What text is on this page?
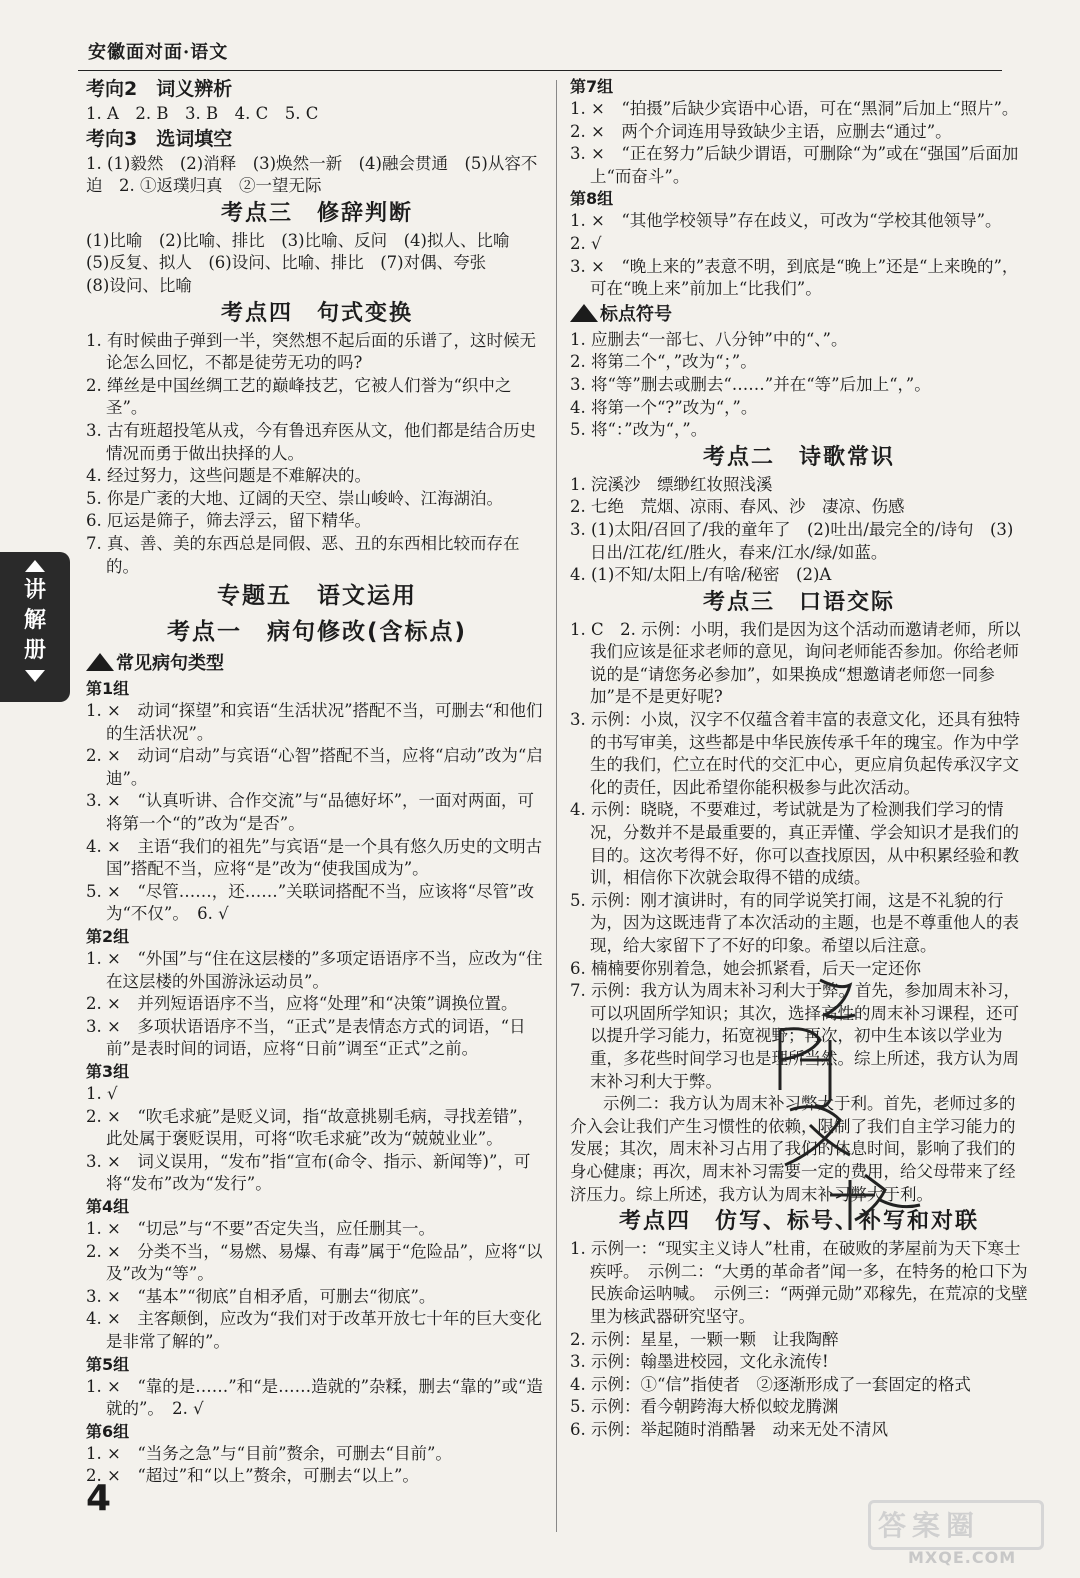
安徽面对面·语文
考向2　词义辨析
1. A　2. B　3. B　4. C　5. C
考向3　选词填空
1. (1)毅然　(2)消释　(3)焕然一新　(4)融会贯通　(5)从容不迫　2. ①返璞归真　②一望无际
考点三　修辞判断
(1)比喻　(2)比喻、排比　(3)比喻、反问　(4)拟人、比喻
(5)反复、拟人　(6)设问、比喻、排比　(7)对偶、夸张
(8)设问、比喻
考点四　句式变换
1. 有时候曲子弹到一半，突然想不起后面的乐谱了，这时候无论怎么回忆，不都是徒劳无功的吗?
2. 缂丝是中国丝绸工艺的巅峰技艺，它被人们誉为“织中之圣”。
3. 古有班超投笔从戎，今有鲁迅弃医从文，他们都是结合历史情况而勇于做出抉择的人。
4. 经过努力，这些问题是不难解决的。
5. 你是广袤的大地、辽阔的天空、崇山峻岭、江海湖泊。
6. 厄运是筛子，筛去浮云，留下精华。
7. 真、善、美的东西总是同假、恶、丑的东西相比较而存在的。
专题五　语文运用
考点一　病句修改(含标点)
常见病句类型
第1组
1. ×　动词“探望”和宾语“生活状况”搭配不当，可删去“和他们的生活状况”。
2. ×　动词“启动”与宾语“心智”搭配不当，应将“启动”改为“启迪”。
3. ×　“认真听讲、合作交流”与“品德好坏”，一面对两面，可将第一个“的”改为“是否”。
4. ×　主语“我们的祖先”与宾语“是一个具有悠久历史的文明古国”搭配不当，应将“是”改为“使我国成为”。
5. ×　“尽管……，还……”关联词搭配不当，应该将“尽管”改为“不仅”。　6. √
第2组
1. ×　“外国”与“住在这层楼的”多项定语语序不当，应改为“住在这层楼的外国游泳运动员”。
2. ×　并列短语语序不当，应将“处理”和“决策”调换位置。
3. ×　多项状语语序不当，“正式”是表情态方式的词语，“日前”是表时间的词语，应将“日前”调至“正式”之前。
第3组
1. √
2. ×　“吹毛求疵”是贬义词，指“故意挑剔毛病，寻找差错”，此处属于褒贬误用，可将“吹毛求疵”改为“兢兢业业”。
3. ×　词义误用，“发布”指“宣布(命令、指示、新闻等)”，可将“发布”改为“发行”。
第4组
1. ×　“切忌”与“不要”否定失当，应任删其一。
2. ×　分类不当，“易燃、易爆、有毒”属于“危险品”，应将“以及”改为“等”。
3. ×　“基本”“彻底”自相矛盾，可删去“彻底”。
4. ×　主客颠倒，应改为“我们对于改革开放七十年的巨大变化是非常了解的”。
第5组
1. ×　“靠的是……”和“是……造就的”杂糅，删去“靠的”或“造就的”。　2. √
第6组
1. ×　“当务之急”与“目前”赘余，可删去“目前”。
2. ×　“超过”和“以上”赘余，可删去“以上”。
第7组
1. ×　“拍摄”后缺少宾语中心语，可在“黑洞”后加上“照片”。
2. ×　两个介词连用导致缺少主语，应删去“通过”。
3. ×　“正在努力”后缺少谓语，可删除“为”或在“强国”后面加上“而奋斗”。
第8组
1. ×　“其他学校领导”存在歧义，可改为“学校其他领导”。
2. √
3. ×　“晚上来的”表意不明，到底是“晚上”还是“上来晚的”，可在“晚上来”前加上“比我们”。
标点符号
1. 应删去“一部七、八分钟”中的“、”。
2. 将第二个“，”改为“；”。
3. 将“等”删去或删去“……”并在“等”后加上“，”。
4. 将第一个“?”改为“，”。
5. 将“：”改为“，”。
考点二　诗歌常识
1. 浣溪沙　缥缈红妆照浅溪
2. 七绝　荒烟、凉雨、春风、沙　凄凉、伤感
3. (1)太阳/召回了/我的童年了　(2)吐出/最完全的/诗句　(3)日出/江花/红/胜火，春来/江水/绿/如蓝。
4. (1)不知/太阳上/有啥/秘密　(2)A
考点三　口语交际
1. C　2. 示例：小明，我们是因为这个活动而邀请老师，所以我们应该是征求老师的意见，询问老师能否参加。你给老师说的是“请您务必参加”，如果换成“想邀请老师您一同参加”是不是更好呢?
3. 示例：小岚，汉字不仅蕴含着丰富的表意文化，还具有独特的书写审美，这些都是中华民族传承千年的瑰宝。作为中学生的我们，伫立在时代的交汇中心，更应肩负起传承汉字文化的责任，因此希望你能积极参与此次活动。
4. 示例：晓晓，不要难过，考试就是为了检测我们学习的情况，分数并不是最重要的，真正弄懂、学会知识才是我们的目的。这次考得不好，你可以查找原因，从中积累经验和教训，相信你下次就会取得不错的成绩。
5. 示例：刚才演讲时，有的同学说笑打闹，这是不礼貌的行为，因为这既违背了本次活动的主题，也是不尊重他人的表现，给大家留下了不好的印象。希望以后注意。
6. 楠楠要你别着急，她会抓紧看，后天一定还你
7. 示例：我方认为周末补习利大于弊。首先，参加周末补习，可以巩固所学知识；其次，选择高性的周末补习课程，还可以提升学习能力，拓宽视野；再次，初中生本该以学业为重，多花些时间学习也是理所当然。综上所述，我方认为周末补习利大于弊。
　　示例二：我方认为周末补习弊大于利。首先，老师过多的介入会让我们产生习惯性的依赖，限制了我们自主学习能力的发展；其次，周末补习占用了我们的休息时间，影响了我们的身心健康；再次，周末补习需要一定的费用，给父母带来了经济压力。综上所述，我方认为周末补习弊大于利。
考点四　仿写、标号、补写和对联
1. 示例一：“现实主义诗人”杜甫，在破败的茅屋前为天下寒士疾呼。　示例二：“大勇的革命者”闻一多，在特务的枪口下为民族命运呐喊。　示例三：“两弹元勋”邓稼先，在荒凉的戈壁里为核武器研究坚守。
2. 示例：星星，一颗一颗　让我陶醉
3. 示例：翰墨进校园，文化永流传!
4. 示例：①“信”指使者　②逐渐形成了一套固定的格式
5. 示例：看今朝跨海大桥似蛟龙腾渊
6. 示例：举起随时消酷暑　动来无处不清风
讲
解
册
4
答案圈
MXQE.COM
